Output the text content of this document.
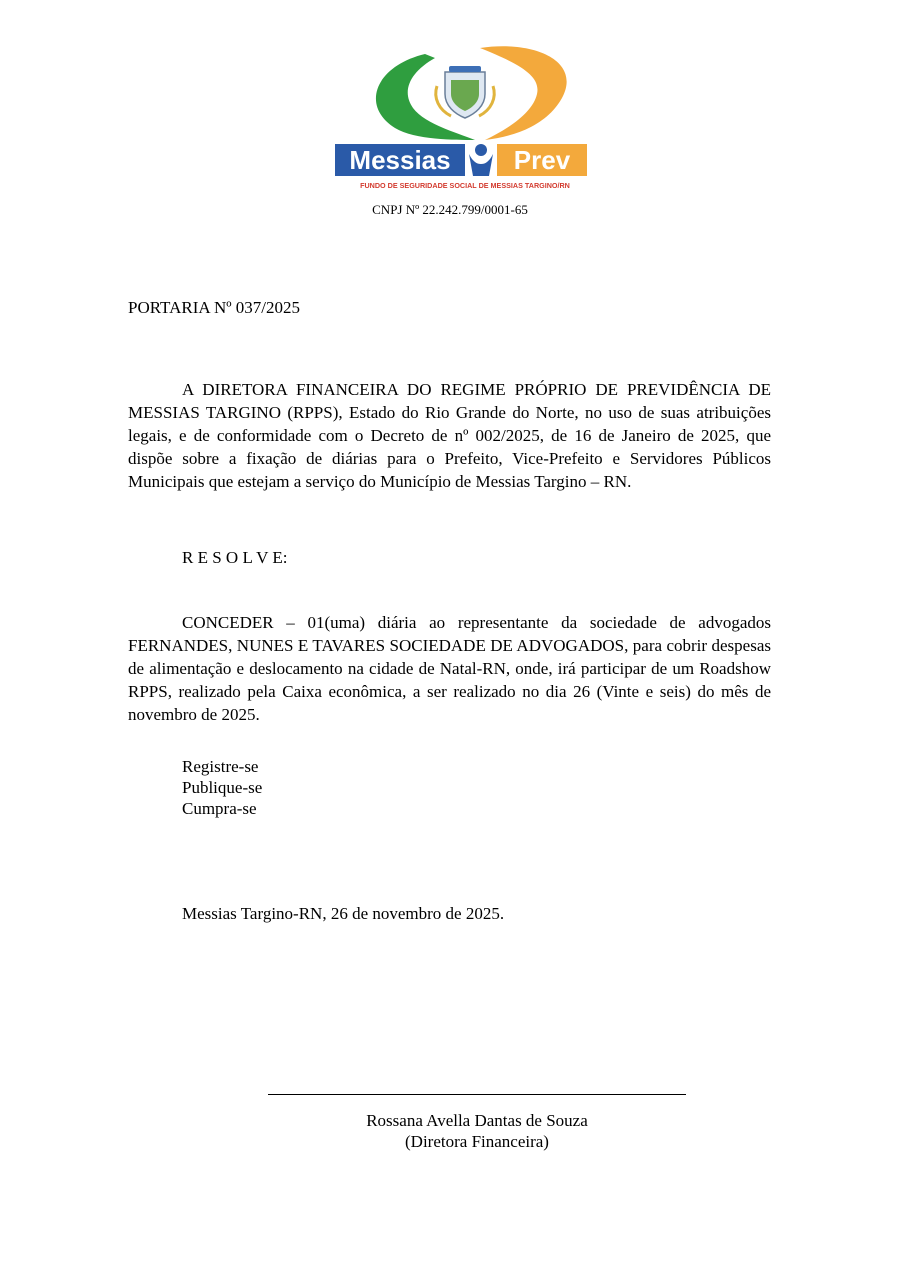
Messias Prev
FUNDO DE SEGURIDADE SOCIAL DE MESSIAS TARGINO/RN
CNPJ Nº 22.242.799/0001-65
PORTARIA Nº 037/2025

A DIRETORA FINANCEIRA DO REGIME PRÓPRIO DE PREVIDÊNCIA DE MESSIAS TARGINO (RPPS), Estado do Rio Grande do Norte, no uso de suas atribuições legais, e de conformidade com o Decreto de nº 002/2025, de 16 de Janeiro de 2025, que dispõe sobre a fixação de diárias para o Prefeito, Vice-Prefeito e Servidores Públicos Municipais que estejam a serviço do Município de Messias Targino – RN.

R E S O L V E:

CONCEDER – 01(uma) diária ao representante da sociedade de advogados FERNANDES, NUNES E TAVARES SOCIEDADE DE ADVOGADOS, para cobrir despesas de alimentação e deslocamento na cidade de Natal-RN, onde, irá participar de um Roadshow RPPS, realizado pela Caixa econômica, a ser realizado no dia 26 (Vinte e seis) do mês de novembro de 2025.

Registre-se
Publique-se
Cumpra-se
Messias Targino-RN, 26 de novembro de 2025.
Rossana Avella Dantas de Souza
(Diretora Financeira)
